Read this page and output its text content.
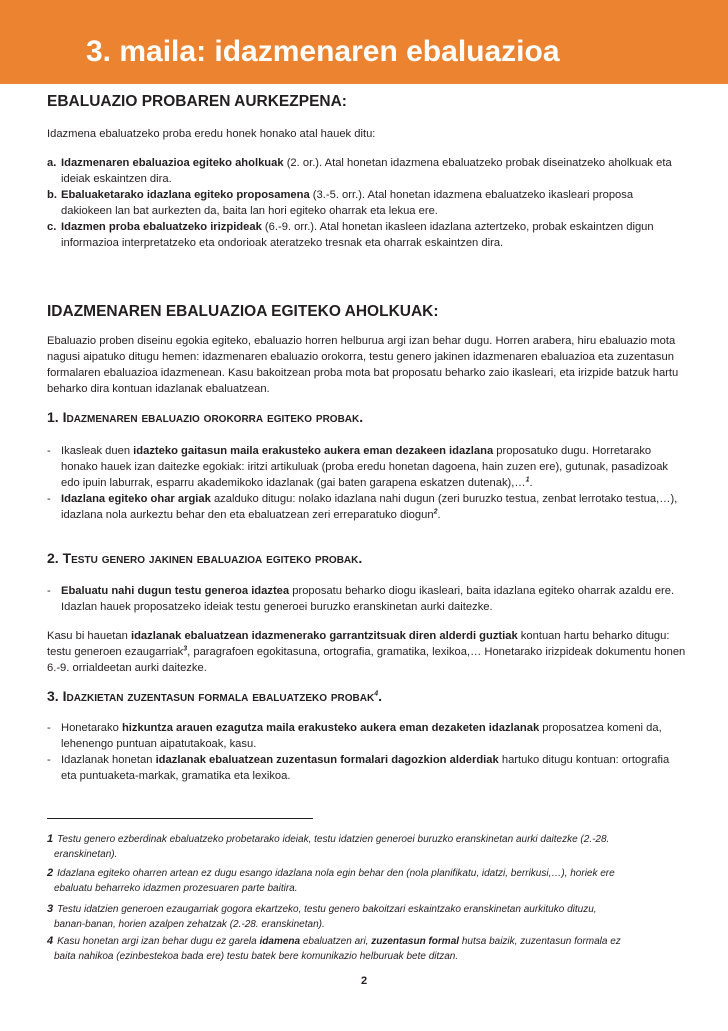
3. maila: idazmenaren ebaluazioa
EBALUAZIO PROBAREN AURKEZPENA:

Idazmena ebaluatzeko proba eredu honek honako atal hauek ditu:

a. Idazmenaren ebaluazioa egiteko aholkuak (2. or.). Atal honetan idazmena ebaluatzeko probak diseinatzeko aholkuak eta ideiak eskaintzen dira.
b. Ebaluaketarako idazlana egiteko proposamena (3.-5. orr.). Atal honetan idazmena ebaluatzeko ikasleari proposa dakiokeen lan bat aurkezten da, baita lan hori egiteko oharrak eta lekua ere.
c. Idazmen proba ebaluatzeko irizpideak (6.-9. orr.). Atal honetan ikasleen idazlana aztertzeko, probak eskaintzen digun informazioa interpretatzeko eta ondorioak ateratzeko tresnak eta oharrak eskaintzen dira.
IDAZMENAREN EBALUAZIOA EGITEKO AHOLKUAK:

Ebaluazio proben diseinu egokia egiteko, ebaluazio horren helburua argi izan behar dugu. Horren arabera, hiru ebaluazio mota nagusi aipatuko ditugu hemen: idazmenaren ebaluazio orokorra, testu genero jakinen idazmenaren ebaluazioa eta zuzentasun formalaren ebaluazioa idazmenean. Kasu bakoitzean proba mota bat proposatu beharko zaio ikasleari, eta irizpide batzuk hartu beharko dira kontuan idazlanak ebaluatzean.

1. Idazmenaren ebaluazio orokorra egiteko probak.
- Ikasleak duen idazteko gaitasun maila erakusteko aukera eman dezakeen idazlana proposatuko dugu. Horretarako honako hauek izan daitezke egokiak: iritzi artikuluak (proba eredu honetan dagoena, hain zuzen ere), gutunak, pasadizoak edo ipuin laburrak, esparru akademikoko idazlanak (gai baten garapena eskatzen dutenak),…$^1$.
- Idazlana egiteko ohar argiak azalduko ditugu: nolako idazlana nahi dugun (zeri buruzko testua, zenbat lerrotako testua,…), idazlana nola aurkeztu behar den eta ebaluatzean zeri erreparatuko diogun$^2$.
2. Testu genero jakinen ebaluazioa egiteko probak.
- Ebaluatu nahi dugun testu generoa idaztea proposatu beharko diogu ikasleari, baita idazlana egiteko oharrak azaldu ere. Idazlan hauek proposatzeko ideiak testu generoei buruzko eranskinetan aurki daitezke.

Kasu bi hauetan idazlanak ebaluatzean idazmenerako garrantzitsuak diren alderdi guztiak kontuan hartu beharko ditugu: testu generoen ezaugarriak$^3$, paragrafoen egokitasuna, ortografia, gramatika, lexikoa,… Honetarako irizpideak dokumentu honen 6.-9. orrialdeetan aurki daitezke.

3. Idazkietan zuzentasun formala ebaluatzeko probak$^4$.
- Honetarako hizkuntza arauen ezagutza maila erakusteko aukera eman dezaketen idazlanak proposatzea komeni da, lehenengo puntuan aipatutakoak, kasu.
- Idazlanak honetan idazlanak ebaluatzean zuzentasun formalari dagozkion alderdiak hartuko ditugu kontuan: ortografia eta puntuaketa-markak, gramatika eta lexikoa.

1 Testu genero ezberdinak ebaluatzeko probetarako ideiak, testu idatzien generoei buruzko eranskinetan aurki daitezke (2.-28.
eranskinetan).

2 Idazlana egiteko oharren artean ez dugu esango idazlana nola egin behar den (nola planifikatu, idatzi, berrikusi,…), horiek ere
ebaluatu beharreko idazmen prozesuaren parte baitira.

3 Testu idatzien generoen ezaugarriak gogora ekartzeko, testu genero bakoitzari eskaintzako eranskinetan aurkituko dituzu,
banan-banan, horien azalpen zehatzak (2.-28. eranskinetan).

4 Kasu honetan argi izan behar dugu ez garela idamena ebaluatzen ari, zuzentasun formal hutsa baizik, zuzentasun formala ez
baita nahikoa (ezinbestekoa bada ere) testu batek bere komunikazio helburuak bete ditzan.

2
